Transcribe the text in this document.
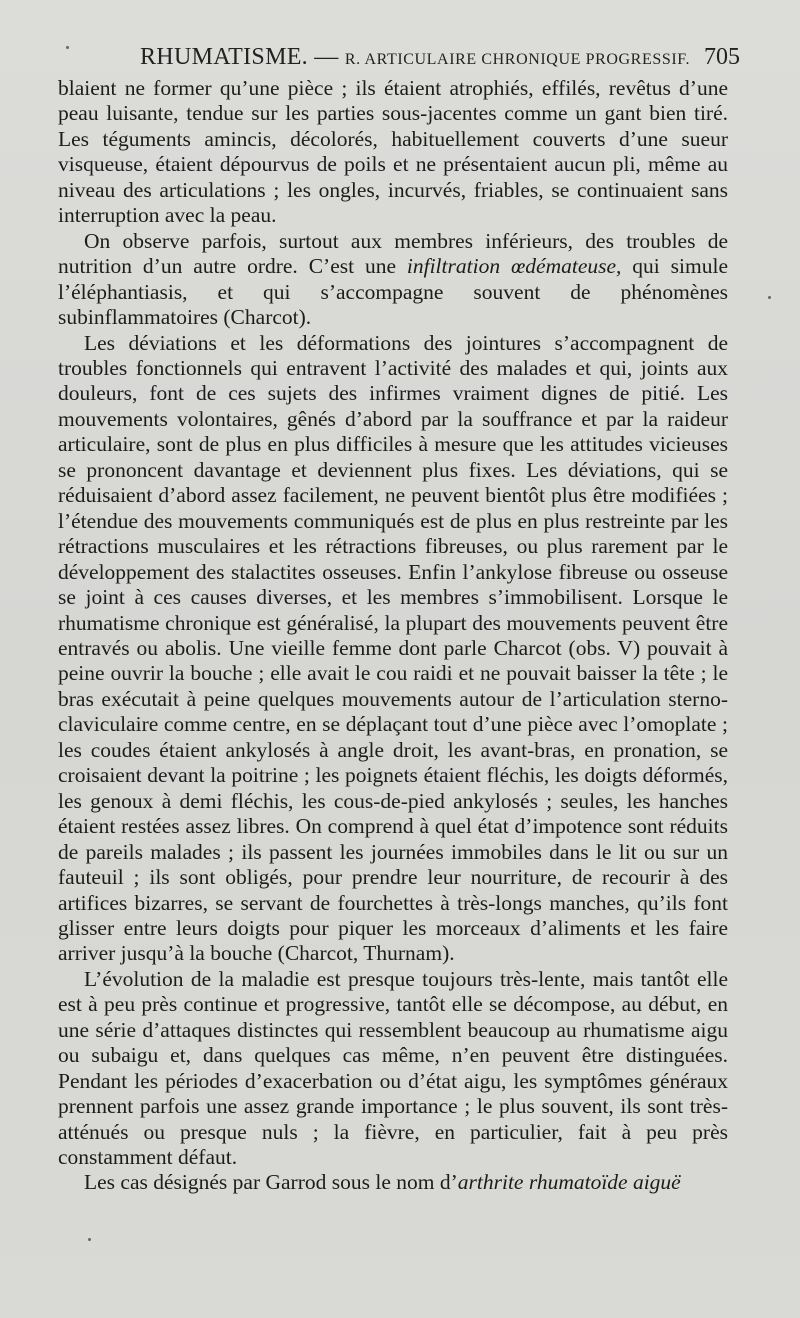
RHUMATISME. — R. ARTICULAIRE CHRONIQUE PROGRESSIF. 705

blaient ne former qu’une pièce ; ils étaient atrophiés, effilés, revêtus d’une peau luisante, tendue sur les parties sous-jacentes comme un gant bien tiré. Les téguments amincis, décolorés, habituellement couverts d’une sueur visqueuse, étaient dépourvus de poils et ne présentaient aucun pli, même au niveau des articulations ; les ongles, incurvés, friables, se continuaient sans interruption avec la peau.

On observe parfois, surtout aux membres inférieurs, des troubles de nutrition d’un autre ordre. C’est une infiltration œdémateuse, qui simule l’éléphantiasis, et qui s’accompagne souvent de phénomènes subinflammatoires (Charcot).

Les déviations et les déformations des jointures s’accompagnent de troubles fonctionnels qui entravent l’activité des malades et qui, joints aux douleurs, font de ces sujets des infirmes vraiment dignes de pitié. Les mouvements volontaires, gênés d’abord par la souffrance et par la raideur articulaire, sont de plus en plus difficiles à mesure que les attitudes vicieuses se prononcent davantage et deviennent plus fixes. Les déviations, qui se réduisaient d’abord assez facilement, ne peuvent bientôt plus être modifiées ; l’étendue des mouvements communiqués est de plus en plus restreinte par les rétractions musculaires et les rétractions fibreuses, ou plus rarement par le développement des stalactites osseuses. Enfin l’ankylose fibreuse ou osseuse se joint à ces causes diverses, et les membres s’immobilisent. Lorsque le rhumatisme chronique est généralisé, la plupart des mouvements peuvent être entravés ou abolis. Une vieille femme dont parle Charcot (obs. V) pouvait à peine ouvrir la bouche ; elle avait le cou raidi et ne pouvait baisser la tête ; le bras exécutait à peine quelques mouvements autour de l’articulation sterno-claviculaire comme centre, en se déplaçant tout d’une pièce avec l’omoplate ; les coudes étaient ankylosés à angle droit, les avant-bras, en pronation, se croisaient devant la poitrine ; les poignets étaient fléchis, les doigts déformés, les genoux à demi fléchis, les cous-de-pied ankylosés ; seules, les hanches étaient restées assez libres. On comprend à quel état d’impotence sont réduits de pareils malades ; ils passent les journées immobiles dans le lit ou sur un fauteuil ; ils sont obligés, pour prendre leur nourriture, de recourir à des artifices bizarres, se servant de fourchettes à très-longs manches, qu’ils font glisser entre leurs doigts pour piquer les morceaux d’aliments et les faire arriver jusqu’à la bouche (Charcot, Thurnam).

L’évolution de la maladie est presque toujours très-lente, mais tantôt elle est à peu près continue et progressive, tantôt elle se décompose, au début, en une série d’attaques distinctes qui ressemblent beaucoup au rhumatisme aigu ou subaigu et, dans quelques cas même, n’en peuvent être distinguées. Pendant les périodes d’exacerbation ou d’état aigu, les symptômes généraux prennent parfois une assez grande importance ; le plus souvent, ils sont très-atténués ou presque nuls ; la fièvre, en particulier, fait à peu près constamment défaut.

Les cas désignés par Garrod sous le nom d’arthrite rhumatoïde aiguë
